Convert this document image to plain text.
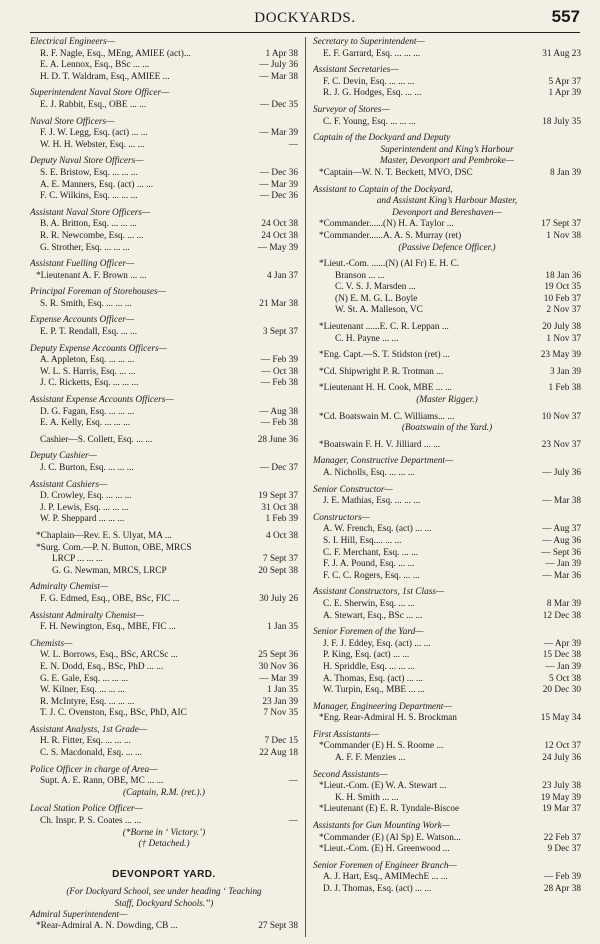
DOCKYARDS.	557
Electrical Engineers—
R. F. Nagle, Esq., MEng, AMIEE (act)...	1 Apr 38
E. A. Lennox, Esq., BSc ... ...	— July 36
H. D. T. Waldram, Esq., AMIEE ...	— Mar 38
Superintendent Naval Store Officer—
E. J. Rabbit, Esq., OBE ... ...	— Dec 35
Naval Store Officers—
F. J. W. Legg, Esq. (act) ... ...	— Mar 39
W. H. H. Webster, Esq. ... ...	—
Deputy Naval Store Officers—
S. E. Bristow, Esq. ... ... ...	— Dec 36
A. E. Manners, Esq. (act) ... ...	— Mar 39
F. C. Wilkins, Esq. ... ... ...	— Dec 36
Assistant Naval Store Officers—
B. A. Britton, Esq. ... ... ...	24 Oct 38
R. R. Newcombe, Esq. ... ...	24 Oct 38
G. Strother, Esq. ... ... ...	— May 39
Assistant Fuelling Officer—
*Lieutenant A. F. Brown ... ...	4 Jan 37
Principal Foreman of Storehouses—
S. R. Smith, Esq. ... ... ...	21 Mar 38
Expense Accounts Officer—
E. P. T. Rendall, Esq. ... ...	3 Sept 37
Deputy Expense Accounts Officers—
A. Appleton, Esq. ... ... ...	— Feb 39
W. L. S. Harris, Esq. ... ...	— Oct 38
J. C. Ricketts, Esq. ... ... ...	— Feb 38
Assistant Expense Accounts Officers—
D. G. Fagan, Esq. ... ... ...	— Aug 38
E. A. Kelly, Esq. ... ... ...	— Feb 38
Cashier—S. Collett, Esq. ... ...	28 June 36
Deputy Cashier—
J. C. Burton, Esq. ... ... ...	— Dec 37
Assistant Cashiers—
D. Crowley, Esq. ... ... ...	19 Sept 37
J. P. Lewis, Esq. ... ... ...	31 Oct 38
W. P. Sheppard ... ... ...	1 Feb 39
*Chaplain—Rev. E. S. Ulyat, MA ...	4 Oct 38
*Surg. Com.—P. N. Button, OBE, MRCS
LRCP ... ... ...	7 Sept 37
G. G. Newman, MRCS, LRCP	20 Sept 38
Admiralty Chemist—
F. G. Edmed, Esq., OBE, BSc, FIC ...	30 July 26
Assistant Admiralty Chemist—
F. H. Newington, Esq., MBE, FIC ...	1 Jan 35
Chemists—
W. L. Borrows, Esq., BSc, ARCSc ...	25 Sept 36
E. N. Dodd, Esq., BSc, PhD ... ...	30 Nov 36
G. E. Gale, Esq. ... ... ...	— Mar 39
W. Kilner, Esq. ... ... ...	1 Jan 35
R. McIntyre, Esq. ... ... ...	23 Jan 39
T. J. C. Ovenston, Esq., BSc, PhD, AIC	7 Nov 35
Assistant Analysts, 1st Grade—
H. R. Fitter, Esq. ... ... ...	7 Dec 15
C. S. Macdonald, Esq. ... ...	22 Aug 18
Police Officer in charge of Area—
Supt. A. E. Rann, OBE, MC ... ...	—
(Captain, R.M. (ret.).)
Local Station Police Officer—
Ch. Inspr. P. S. Coates ... ...	—
(*Borne in ‘ Victory.’)
(† Detached.)
DEVONPORT YARD.
(For Dockyard School, see under heading ‘ Teaching
Staff, Dockyard Schools.’’)
Admiral Superintendent—
*Rear-Admiral A. N. Dowding, CB ...	27 Sept 38
Secretary to Superintendent—
E. F. Garrard, Esq. ... ... ...	31 Aug 23
Assistant Secretaries—
F. C. Devin, Esq. ... ... ...	5 Apr 37
R. J. G. Hodges, Esq. ... ...	1 Apr 39
Surveyor of Stores—
C. F. Young, Esq. ... ... ...	18 July 35
Captain of the Dockyard and Deputy
Superintendent and King’s Harbour
Master, Devonport and Pembroke—
*Captain—W. N. T. Beckett, MVO, DSC	8 Jan 39
Assistant to Captain of the Dockyard,
and Assistant King’s Harbour Master,
Devonport and Bereshaven—
*Commander......(N) H. A. Taylor ...	17 Sept 37
*Commander......A. A. S. Murray (ret)	1 Nov 38
(Passive Defence Officer.)
*Lieut.-Com. ......(N) (Al Fr) E. H. C.
Branson ... ...	18 Jan 36
C. V. S. J. Marsden ...	19 Oct 35
(N) E. M. G. L. Boyle	10 Feb 37
W. St. A. Malleson, VC	2 Nov 37
*Lieutenant ......E. C. R. Leppan ...	20 July 38
C. H. Payne ... ...	1 Nov 37
*Eng. Capt.—S. T. Stidston (ret) ...	23 May 39
*Cd. Shipwright P. R. Trotman ...	3 Jan 39
*Lieutenant H. H. Cook, MBE ... ...	1 Feb 38
(Master Rigger.)
*Cd. Boatswain M. C. Williams... ...	10 Nov 37
(Boatswain of the Yard.)
*Boatswain F. H. V. Jilliard ... ...	23 Nov 37
Manager, Constructive Department—
A. Nicholls, Esq. ... ... ...	— July 36
Senior Constructor—
J. E. Mathias, Esq. ... ... ...	— Mar 38
Constructors—
A. W. French, Esq. (act) ... ...	— Aug 37
S. I. Hill, Esq.... ... ...	— Aug 36
C. F. Merchant, Esq. ... ...	— Sept 36
F. J. A. Pound, Esq. ... ...	— Jan 39
F. C. C. Rogers, Esq. ... ...	— Mar 36
Assistant Constructors, 1st Class—
C. E. Sherwin, Esq. ... ...	8 Mar 39
A. Stewart, Esq., BSc ... ...	12 Dec 38
Senior Foremen of the Yard—
J. F. J. Eddey, Esq. (act) ... ...	— Apr 39
P. King, Esq. (act) ... ...	15 Dec 38
H. Spriddle, Esq. ... ... ...	— Jan 39
A. Thomas, Esq. (act) ... ...	5 Oct 38
W. Turpin, Esq., MBE ... ...	20 Dec 30
Manager, Engineering Department—
*Eng. Rear-Admiral H. S. Brockman	15 May 34
First Assistants—
*Commander (E) H. S. Roome ...	12 Oct 37
A. F. F. Menzies ...	24 July 36
Second Assistants—
*Lieut.-Com. (E) W. A. Stewart ...	23 July 38
K. H. Smith ... ...	19 May 39
*Lieutenant (E) E. R. Tyndale-Biscoe	19 Mar 37
Assistants for Gun Mounting Work—
*Commander (E) (Al Sp) E. Watson...	22 Feb 37
*Lieut.-Com. (E) H. Greenwood ...	9 Dec 37
Senior Foremen of Engineer Branch—
A. J. Hart, Esq., AMIMechE ... ...	— Feb 39
D. J. Thomas, Esq. (act) ... ...	28 Apr 38
